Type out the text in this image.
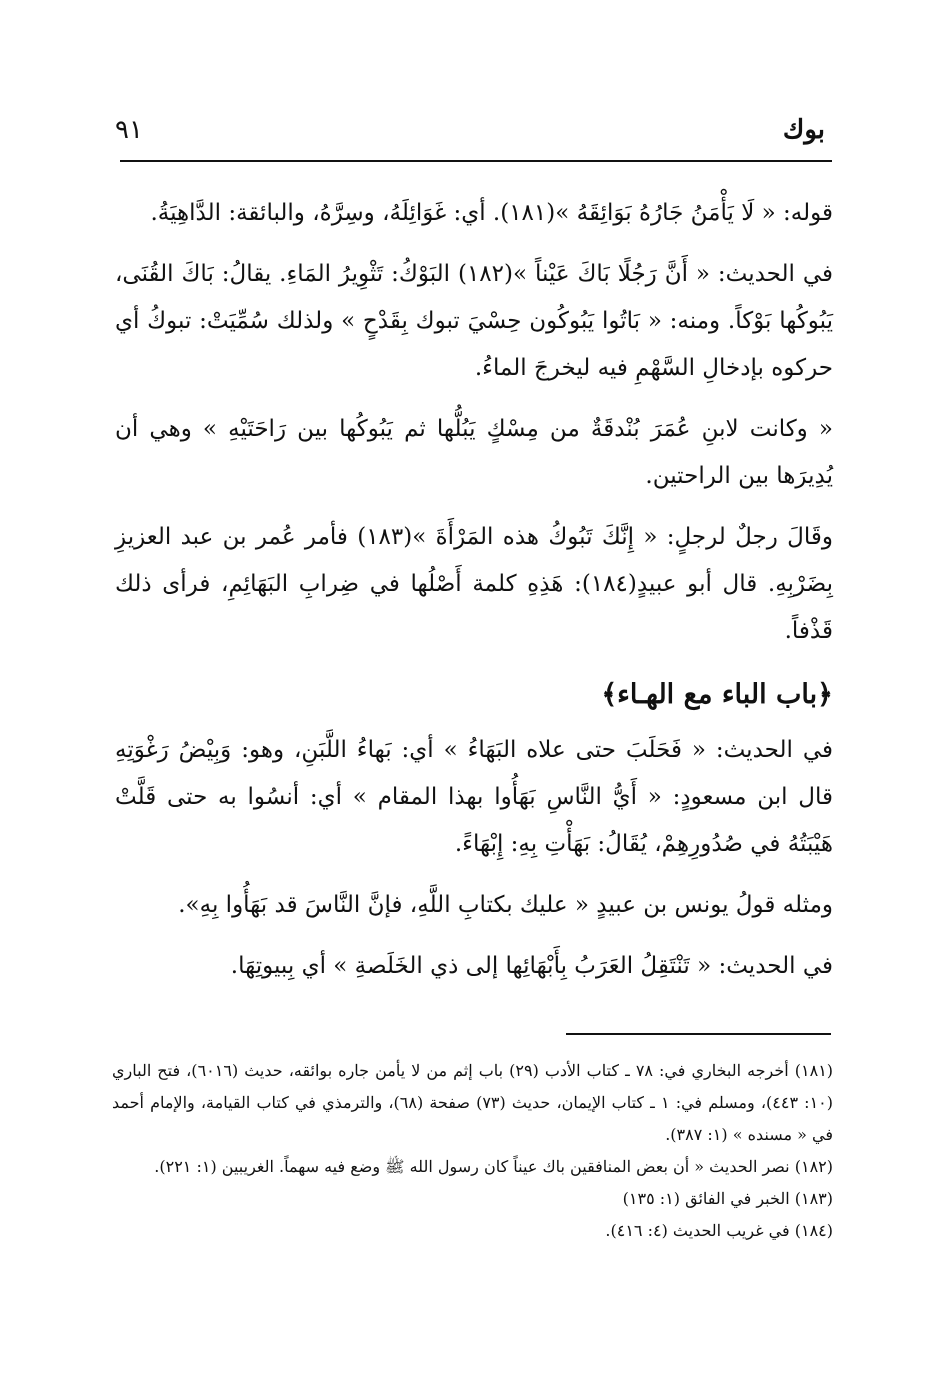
بوك
٩١

قوله: « لَا يَأْمَنُ جَارُهُ بَوَائِقَهُ »(١٨١). أي: غَوَائِلَهُ، وسِرَّهُ، والبائقة: الدَّاهِيَةُ.

في الحديث: « أَنَّ رَجُلًا بَاكَ عَيْناً »(١٨٢) البَوْكُ: تَثْوِيرُ المَاءِ. يقالُ: بَاكَ القُنَى، يَبُوكُها بَوْكاً. ومنه: « بَاتُوا يَبُوكُون حِسْيَ تبوك بِقَدْحٍ » ولذلك سُمِّيَتْ: تبوكُ أي حركوه بإدخالِ السَّهْمِ فيه ليخرجَ الماءُ.

« وكانت لابنِ عُمَرَ بُنْدقَةٌ من مِسْكٍ يَبُلُّها ثم يَبُوكُها بين رَاحَتَيْهِ » وهي أن يُدِيرَها بين الراحتين.

وقَالَ رجلٌ لرجلٍ: « إِنَّكَ تَبُوكُ هذه المَرْأَةَ »(١٨٣) فأمر عُمر بن عبد العزيزِ بِضَرْبِهِ. قال أبو عبيدٍ(١٨٤): هَذِهِ كلمة أَصْلُها في ضِرابِ البَهَائِمِ، فرأى ذلك قَذْفاً.

﴿باب الباء مع الهـاء﴾

في الحديث: « فَحَلَبَ حتى علاه البَهَاءُ » أي: بَهاءُ اللَّبَنِ، وهو: وَبِيْضُ رَغْوَتِهِ قال ابن مسعودٍ: « أَيُّ النَّاسِ بَهَأُوا بهذا المقام » أي: أنسُوا به حتى قَلَّتْ هَيْبَتُهُ في صُدُورِهِمْ، يُقَالُ: بَهَأْتِ بِهِ: إِبْهَاءً.

ومثله قولُ يونس بن عبيدٍ « عليك بكتابِ اللَّهِ، فإنَّ النَّاسَ قد بَهَأُوا بِهِ».

في الحديث: « تَنْتَقِلُ العَرَبُ بِأَبْهَائِها إلى ذي الخَلَصةِ » أي بِبيوتِهَا.

(١٨١) أخرجه البخاري في: ٧٨ ـ كتاب الأدب (٢٩) باب إثم من لا يأمن جاره بوائقه، حديث (٦٠١٦)، فتح الباري (١٠: ٤٤٣)، ومسلم في: ١ ـ كتاب الإيمان، حديث (٧٣) صفحة (٦٨)، والترمذي في كتاب القيامة، والإمام أحمد في « مسنده » (١: ٣٨٧).

(١٨٢) نصر الحديث « أن بعض المنافقين باك عيناً كان رسول الله ﷺ وضع فيه سهماً. الغريبين (١: ٢٢١).

(١٨٣) الخبر في الفائق (١: ١٣٥)

(١٨٤) في غريب الحديث (٤: ٤١٦).
